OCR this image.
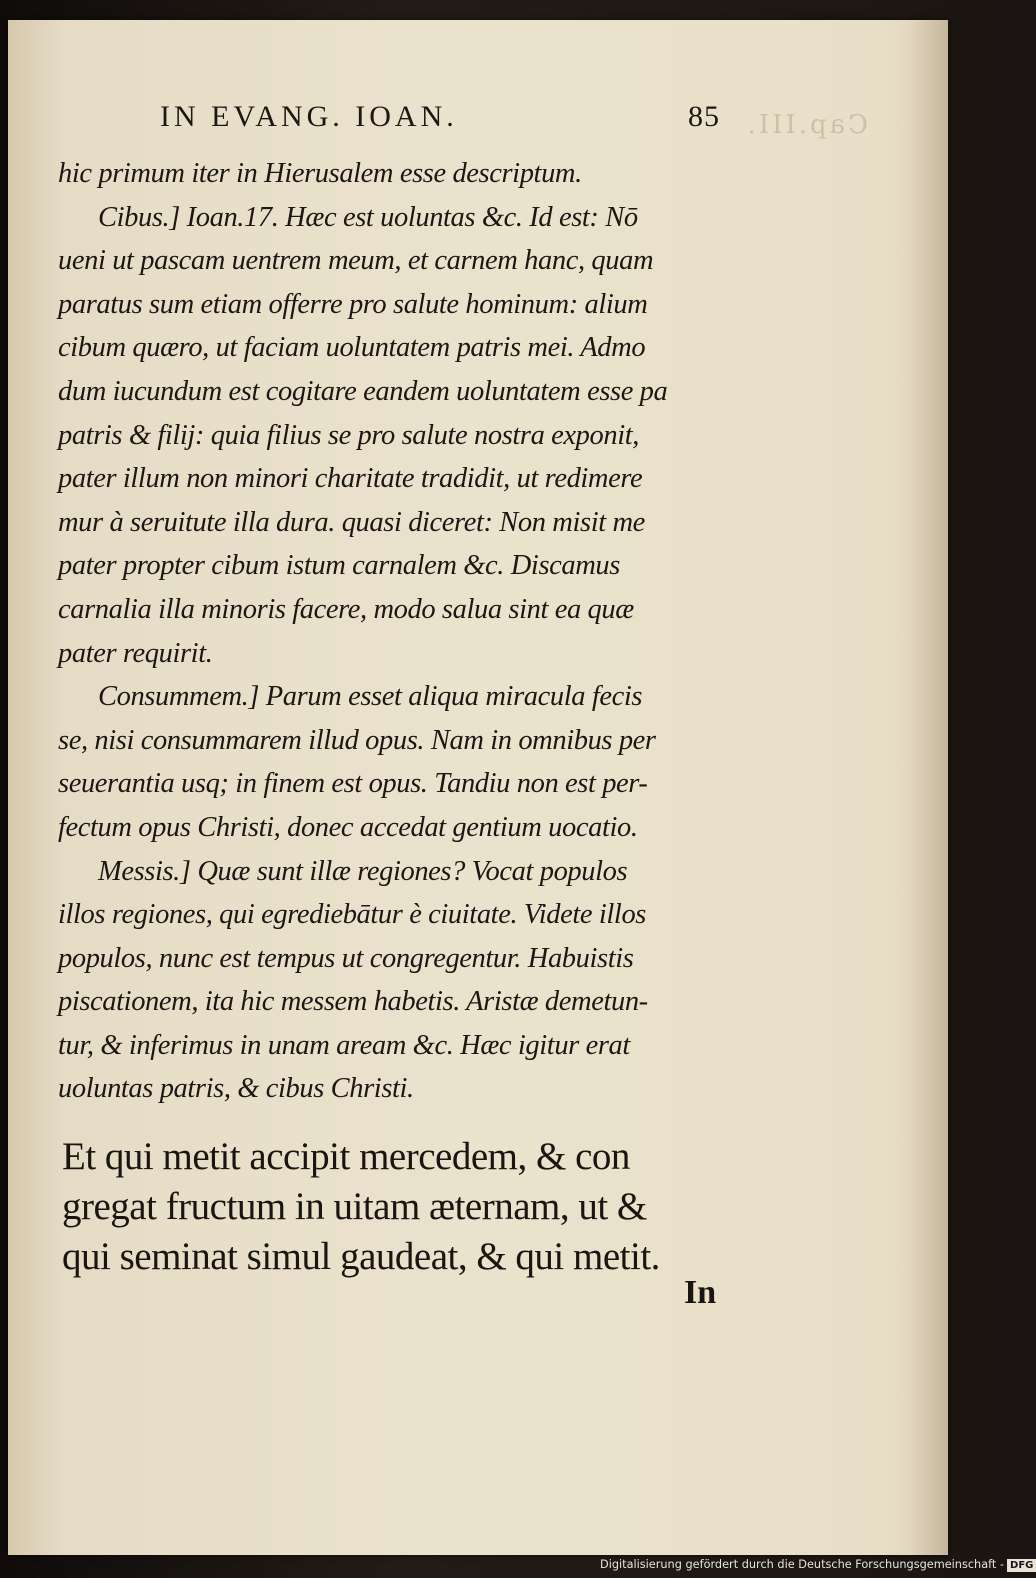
Cap.III.
IN EVANG. IOAN.	85
hic primum iter in Hierusalem esse descriptum.
Cibus.] Ioan.17. Hæc est uoluntas &c. Id est: Nō
ueni ut pascam uentrem meum, et carnem hanc, quam
paratus sum etiam offerre pro salute hominum: alium
cibum quæro, ut faciam uoluntatem patris mei. Admo
dum iucundum est cogitare eandem uoluntatem esse pa
patris & filij: quia filius se pro salute nostra exponit,
pater illum non minori charitate tradidit, ut redimere
mur à seruitute illa dura. quasi diceret: Non misit me
pater propter cibum istum carnalem &c. Discamus
carnalia illa minoris facere, modo salua sint ea quæ
pater requirit.
Consummem.] Parum esset aliqua miracula fecis
se, nisi consummarem illud opus. Nam in omnibus per
seuerantia usq; in finem est opus. Tandiu non est per-
fectum opus Christi, donec accedat gentium uocatio.
Messis.] Quæ sunt illæ regiones? Vocat populos
illos regiones, qui egrediebātur è ciuitate. Videte illos
populos, nunc est tempus ut congregentur. Habuistis
piscationem, ita hic messem habetis. Aristæ demetun-
tur, & inferimus in unam aream &c. Hæc igitur erat
uoluntas patris, & cibus Christi.
Et qui metit accipit mercedem, & con
gregat fructum in uitam æternam, ut &
qui seminat simul gaudeat, & qui metit.
In
Digitalisierung gefördert durch die Deutsche Forschungsgemeinschaft - DFG
